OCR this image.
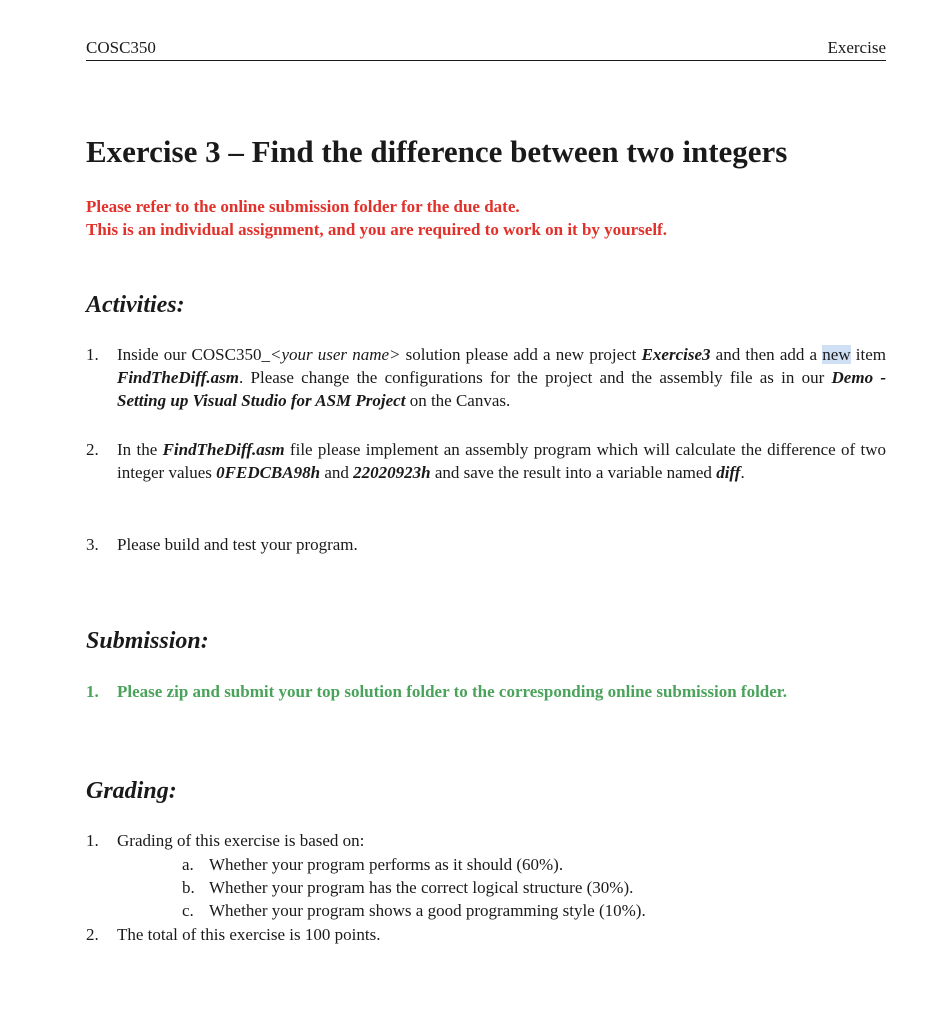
COSC350	Exercise
Exercise 3 – Find the difference between two integers
Please refer to the online submission folder for the due date.
This is an individual assignment, and you are required to work on it by yourself.
Activities:
1. Inside our COSC350_<your user name> solution please add a new project Exercise3 and then add a new item FindTheDiff.asm. Please change the configurations for the project and the assembly file as in our Demo - Setting up Visual Studio for ASM Project on the Canvas.
2. In the FindTheDiff.asm file please implement an assembly program which will calculate the difference of two integer values 0FEDCBA98h and 22020923h and save the result into a variable named diff.
3. Please build and test your program.
Submission:
1. Please zip and submit your top solution folder to the corresponding online submission folder.
Grading:
1. Grading of this exercise is based on:
a. Whether your program performs as it should (60%).
b. Whether your program has the correct logical structure (30%).
c. Whether your program shows a good programming style (10%).
2. The total of this exercise is 100 points.
